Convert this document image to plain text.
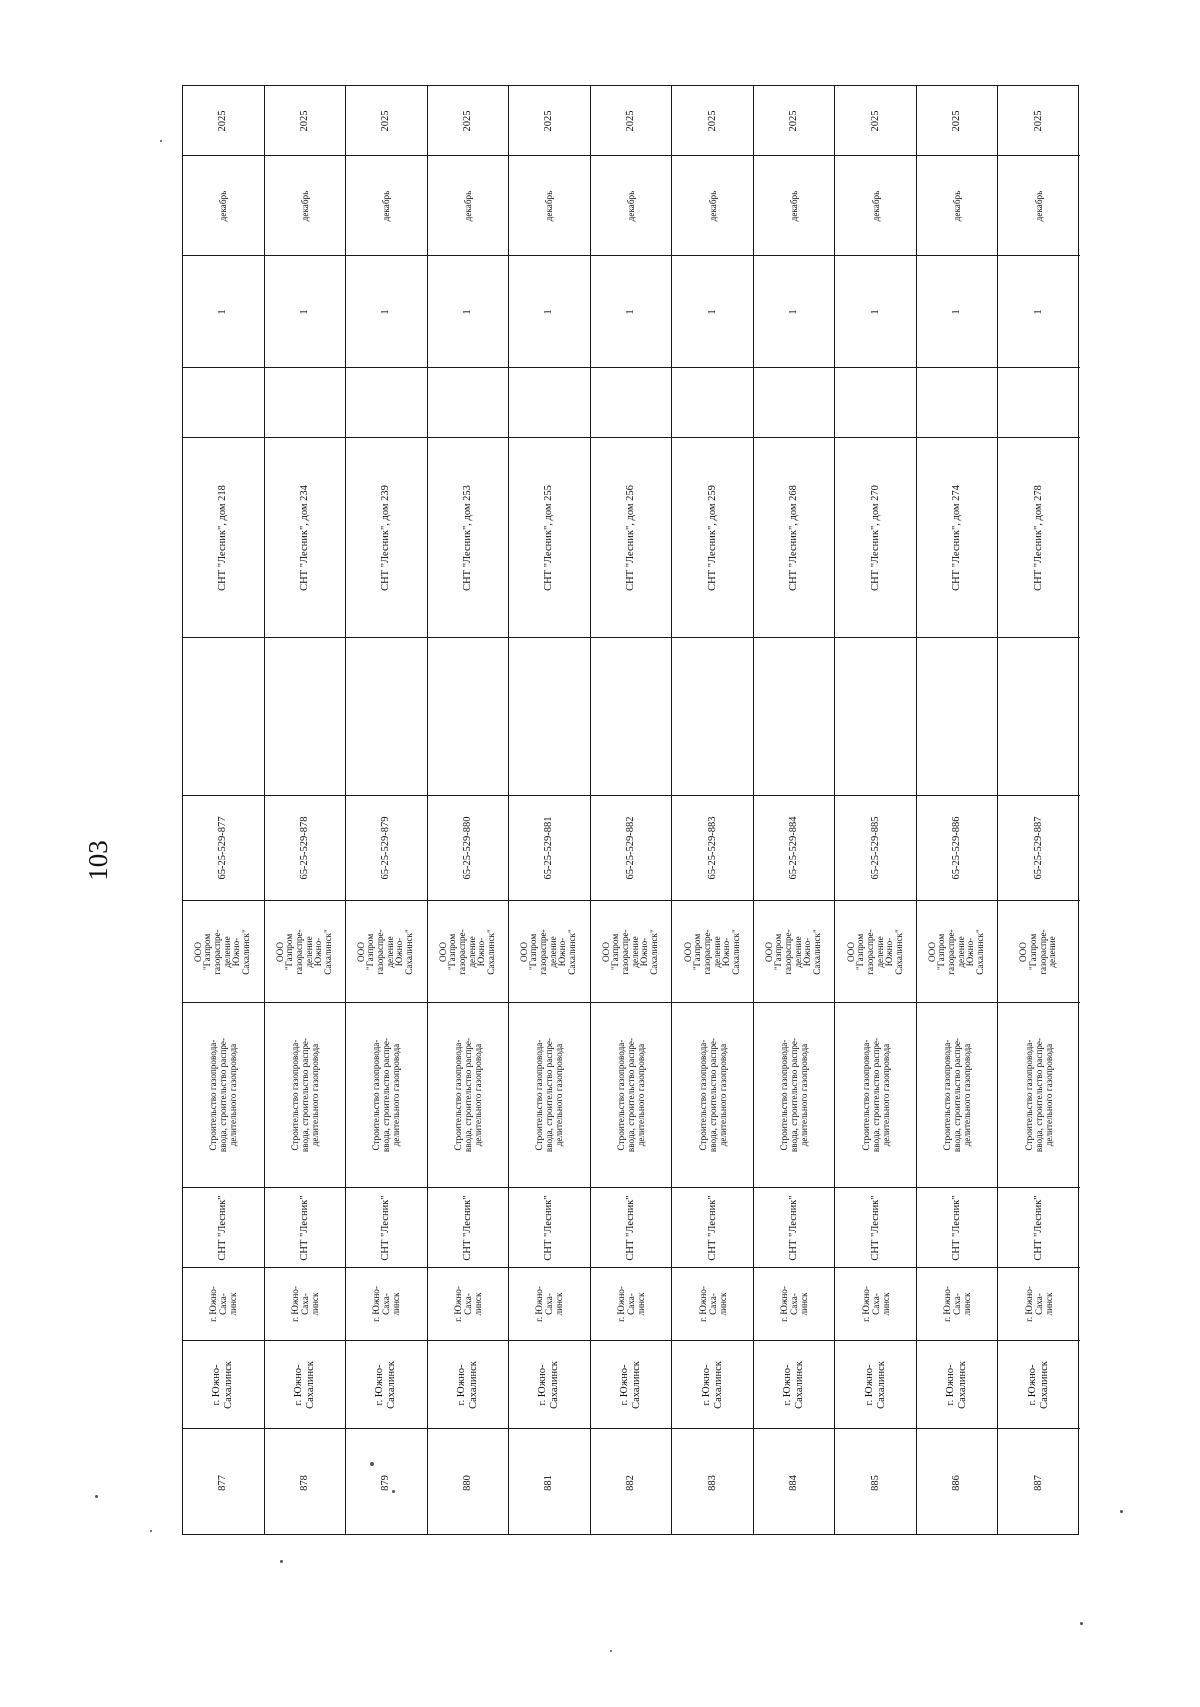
103
2025
декабрь
1
СНТ "Лесник", дом 218
65-25-529-877
ООО "Газпром газораспре- деление Южно- Сахалинск"
Строительство газопровода- ввода, строительство распре- делительного газопровода
СНТ "Лесник"
г. Южно- Саха- линск
г. Южно-Сахалинск
877
2025
декабрь
1
СНТ "Лесник", дом 234
65-25-529-878
ООО "Газпром газораспре- деление Южно- Сахалинск"
Строительство газопровода- ввода, строительство распре- делительного газопровода
СНТ "Лесник"
г. Южно- Саха- линск
г. Южно-Сахалинск
878
2025
декабрь
1
СНТ "Лесник", дом 239
65-25-529-879
ООО "Газпром газораспре- деление Южно- Сахалинск"
Строительство газопровода- ввода, строительство распре- делительного газопровода
СНТ "Лесник"
г. Южно- Саха- линск
г. Южно-Сахалинск
879
2025
декабрь
1
СНТ "Лесник", дом 253
65-25-529-880
ООО "Газпром газораспре- деление Южно- Сахалинск"
Строительство газопровода- ввода, строительство распре- делительного газопровода
СНТ "Лесник"
г. Южно- Саха- линск
г. Южно-Сахалинск
880
2025
декабрь
1
СНТ "Лесник", дом 255
65-25-529-881
ООО "Газпром газораспре- деление Южно- Сахалинск"
Строительство газопровода- ввода, строительство распре- делительного газопровода
СНТ "Лесник"
г. Южно- Саха- линск
г. Южно-Сахалинск
881
2025
декабрь
1
СНТ "Лесник", дом 256
65-25-529-882
ООО "Газпром газораспре- деление Южно- Сахалинск"
Строительство газопровода- ввода, строительство распре- делительного газопровода
СНТ "Лесник"
г. Южно- Саха- линск
г. Южно-Сахалинск
882
2025
декабрь
1
СНТ "Лесник", дом 259
65-25-529-883
ООО "Газпром газораспре- деление Южно- Сахалинск"
Строительство газопровода- ввода, строительство распре- делительного газопровода
СНТ "Лесник"
г. Южно- Саха- линск
г. Южно-Сахалинск
883
2025
декабрь
1
СНТ "Лесник", дом 268
65-25-529-884
ООО "Газпром газораспре- деление Южно- Сахалинск"
Строительство газопровода- ввода, строительство распре- делительного газопровода
СНТ "Лесник"
г. Южно- Саха- линск
г. Южно-Сахалинск
884
2025
декабрь
1
СНТ "Лесник", дом 270
65-25-529-885
ООО "Газпром газораспре- деление Южно- Сахалинск"
Строительство газопровода- ввода, строительство распре- делительного газопровода
СНТ "Лесник"
г. Южно- Саха- линск
г. Южно-Сахалинск
885
2025
декабрь
1
СНТ "Лесник", дом 274
65-25-529-886
ООО "Газпром газораспре- деление Южно- Сахалинск"
Строительство газопровода- ввода, строительство распре- делительного газопровода
СНТ "Лесник"
г. Южно- Саха- линск
г. Южно-Сахалинск
886
2025
декабрь
1
СНТ "Лесник", дом 278
65-25-529-887
ООО "Газпром газораспре- деление
Строительство газопровода- ввода, строительство распре- делительного газопровода
СНТ "Лесник"
г. Южно- Саха- линск
г. Южно-Сахалинск
887
